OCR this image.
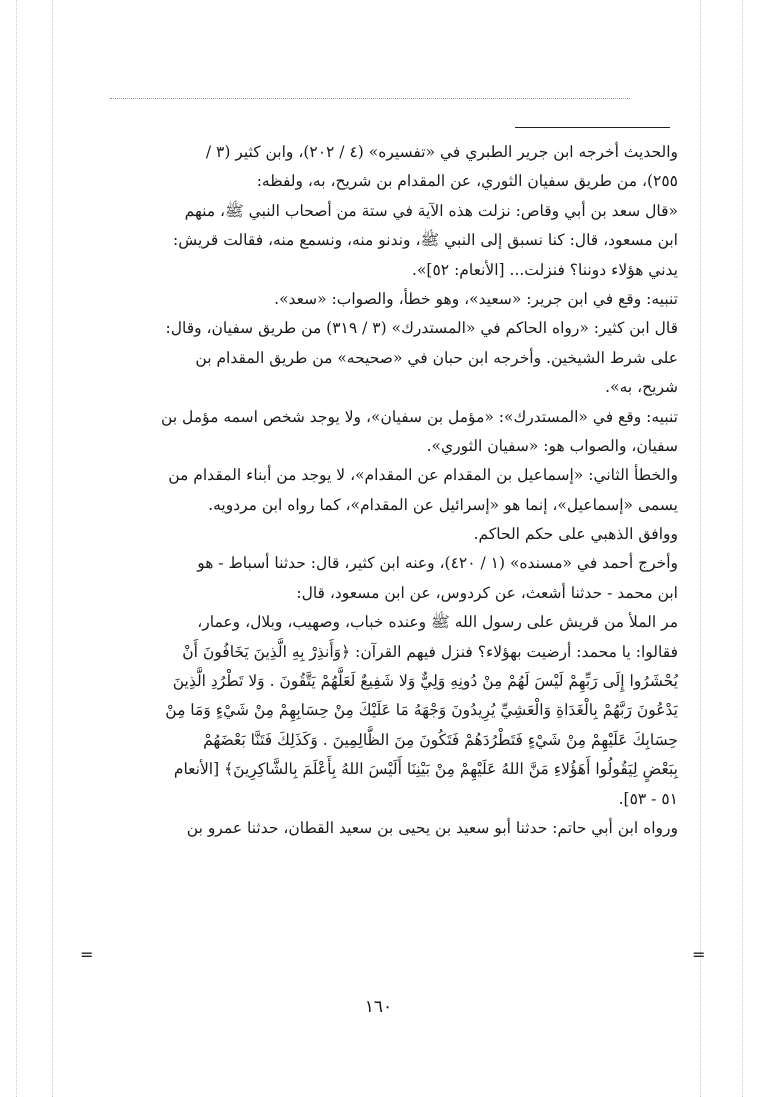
والحديث أخرجه ابن جرير الطبري في «تفسيره» (٤ / ٢٠٢)، وابن كثير (٣ /
٢٥٥)، من طريق سفيان الثوري، عن المقدام بن شريح، به، ولفظه:
«قال سعد بن أبي وقاص: نزلت هذه الآية في ستة من أصحاب النبي ﷺ، منهم
ابن مسعود، قال: كنا نسبق إلى النبي ﷺ، وندنو منه، ونسمع منه، فقالت قريش:
يدني هؤلاء دوننا؟ فنزلت... [الأنعام: ٥٢]».
تنبيه: وقع في ابن جرير: «سعيد»، وهو خطأ، والصواب: «سعد».
قال ابن كثير: «رواه الحاكم في «المستدرك» (٣ / ٣١٩) من طريق سفيان، وقال:
على شرط الشيخين. وأخرجه ابن حبان في «صحيحه» من طريق المقدام بن
شريح، به».
تنبيه: وقع في «المستدرك»: «مؤمل بن سفيان»، ولا يوجد شخص اسمه مؤمل بن
سفيان، والصواب هو: «سفيان الثوري».
والخطأ الثاني: «إسماعيل بن المقدام عن المقدام»، لا يوجد من أبناء المقدام من
يسمى «إسماعيل»، إنما هو «إسرائيل عن المقدام»، كما رواه ابن مردويه.
ووافق الذهبي على حكم الحاكم.
وأخرج أحمد في «مسنده» (١ / ٤٢٠)، وعنه ابن كثير، قال: حدثنا أسباط - هو
ابن محمد - حدثنا أشعث، عن كردوس، عن ابن مسعود، قال:
مر الملأ من قريش على رسول الله ﷺ وعنده خباب، وصهيب، وبلال، وعمار،
فقالوا: يا محمد: أرضيت بهؤلاء؟ فنزل فيهم القرآن: ﴿وَأَنذِرْ بِهِ الَّذِينَ يَخَافُونَ أَنْ
يُحْشَرُوا إِلَى رَبِّهِمْ لَيْسَ لَهُمْ مِنْ دُونِهِ وَلِيٌّ وَلا شَفِيعٌ لَعَلَّهُمْ يَتَّقُونَ . وَلا تَطْرُدِ الَّذِينَ
يَدْعُونَ رَبَّهُمْ بِالْغَدَاةِ وَالْعَشِيِّ يُرِيدُونَ وَجْهَهُ مَا عَلَيْكَ مِنْ حِسَابِهِمْ مِنْ شَيْءٍ وَمَا مِنْ
حِسَابِكَ عَلَيْهِمْ مِنْ شَيْءٍ فَتَطْرُدَهُمْ فَتَكُونَ مِنَ الظَّالِمِينَ . وَكَذَلِكَ فَتَنَّا بَعْضَهُمْ
بِبَعْضٍ لِيَقُولُوا أَهَؤُلاءِ مَنَّ اللهُ عَلَيْهِمْ مِنْ بَيْنِنَا أَلَيْسَ اللهُ بِأَعْلَمَ بِالشَّاكِرِينَ﴾ [الأنعام
٥١ - ٥٣].
ورواه ابن أبي حاتم: حدثنا أبو سعيد بن يحيى بن سعيد القطان، حدثنا عمرو بن
=	=
١٦٠
